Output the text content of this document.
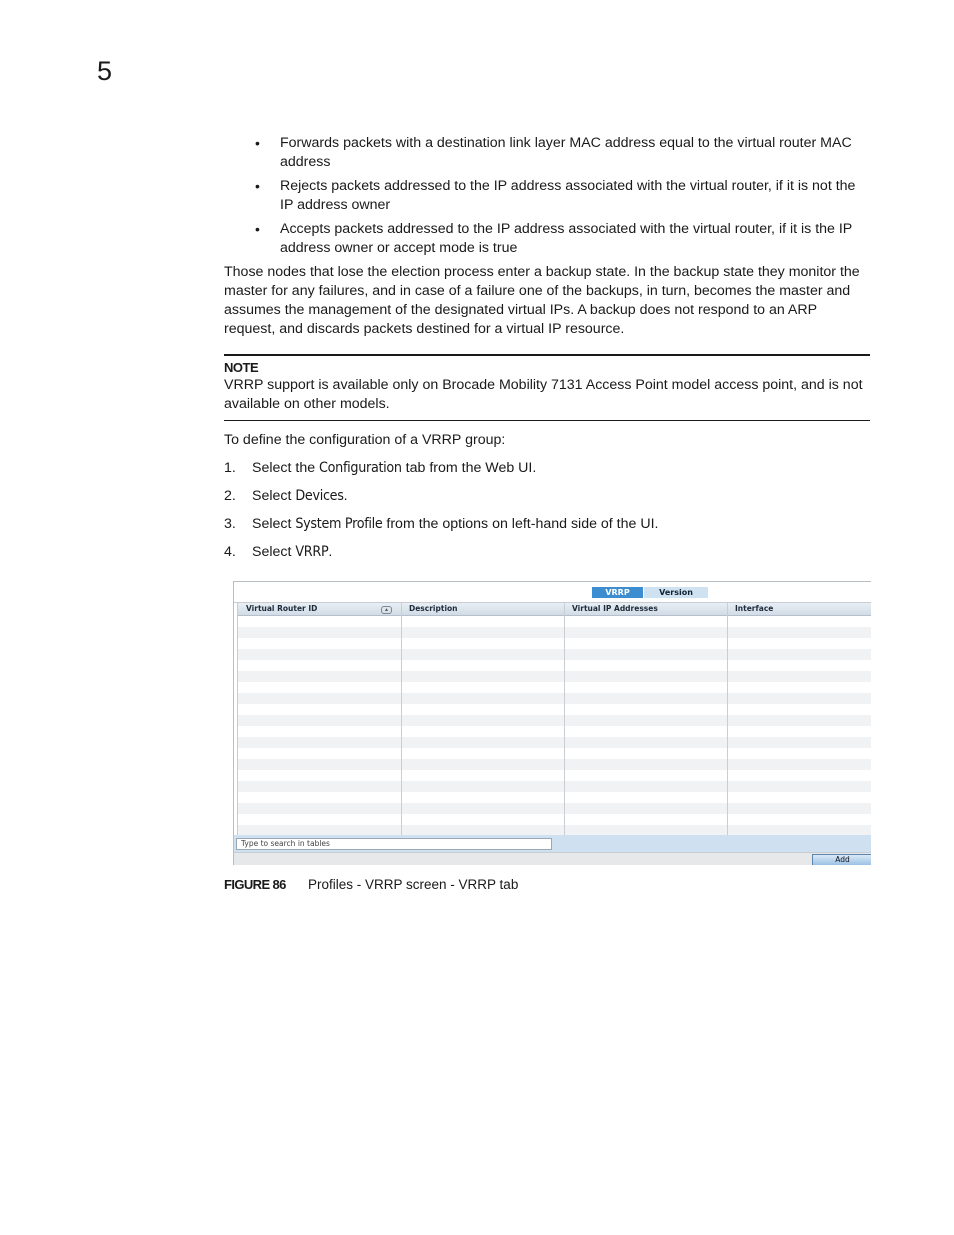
5
• Forwards packets with a destination link layer MAC address equal to the virtual router MAC address
• Rejects packets addressed to the IP address associated with the virtual router, if it is not the IP address owner
• Accepts packets addressed to the IP address associated with the virtual router, if it is the IP address owner or accept mode is true

Those nodes that lose the election process enter a backup state. In the backup state they monitor the master for any failures, and in case of a failure one of the backups, in turn, becomes the master and assumes the management of the designated virtual IPs. A backup does not respond to an ARP request, and discards packets destined for a virtual IP resource.

NOTE
VRRP support is available only on Brocade Mobility 7131 Access Point model access point, and is not available on other models.

To define the configuration of a VRRP group:

1. Select the Configuration tab from the Web UI.
2. Select Devices.
3. Select System Profile from the options on left-hand side of the UI.
4. Select VRRP.
VRRP	Version
Virtual Router ID	▲	Description	Virtual IP Addresses	Interface
Type to search in tables
Add
FIGURE 86 Profiles - VRRP screen - VRRP tab
